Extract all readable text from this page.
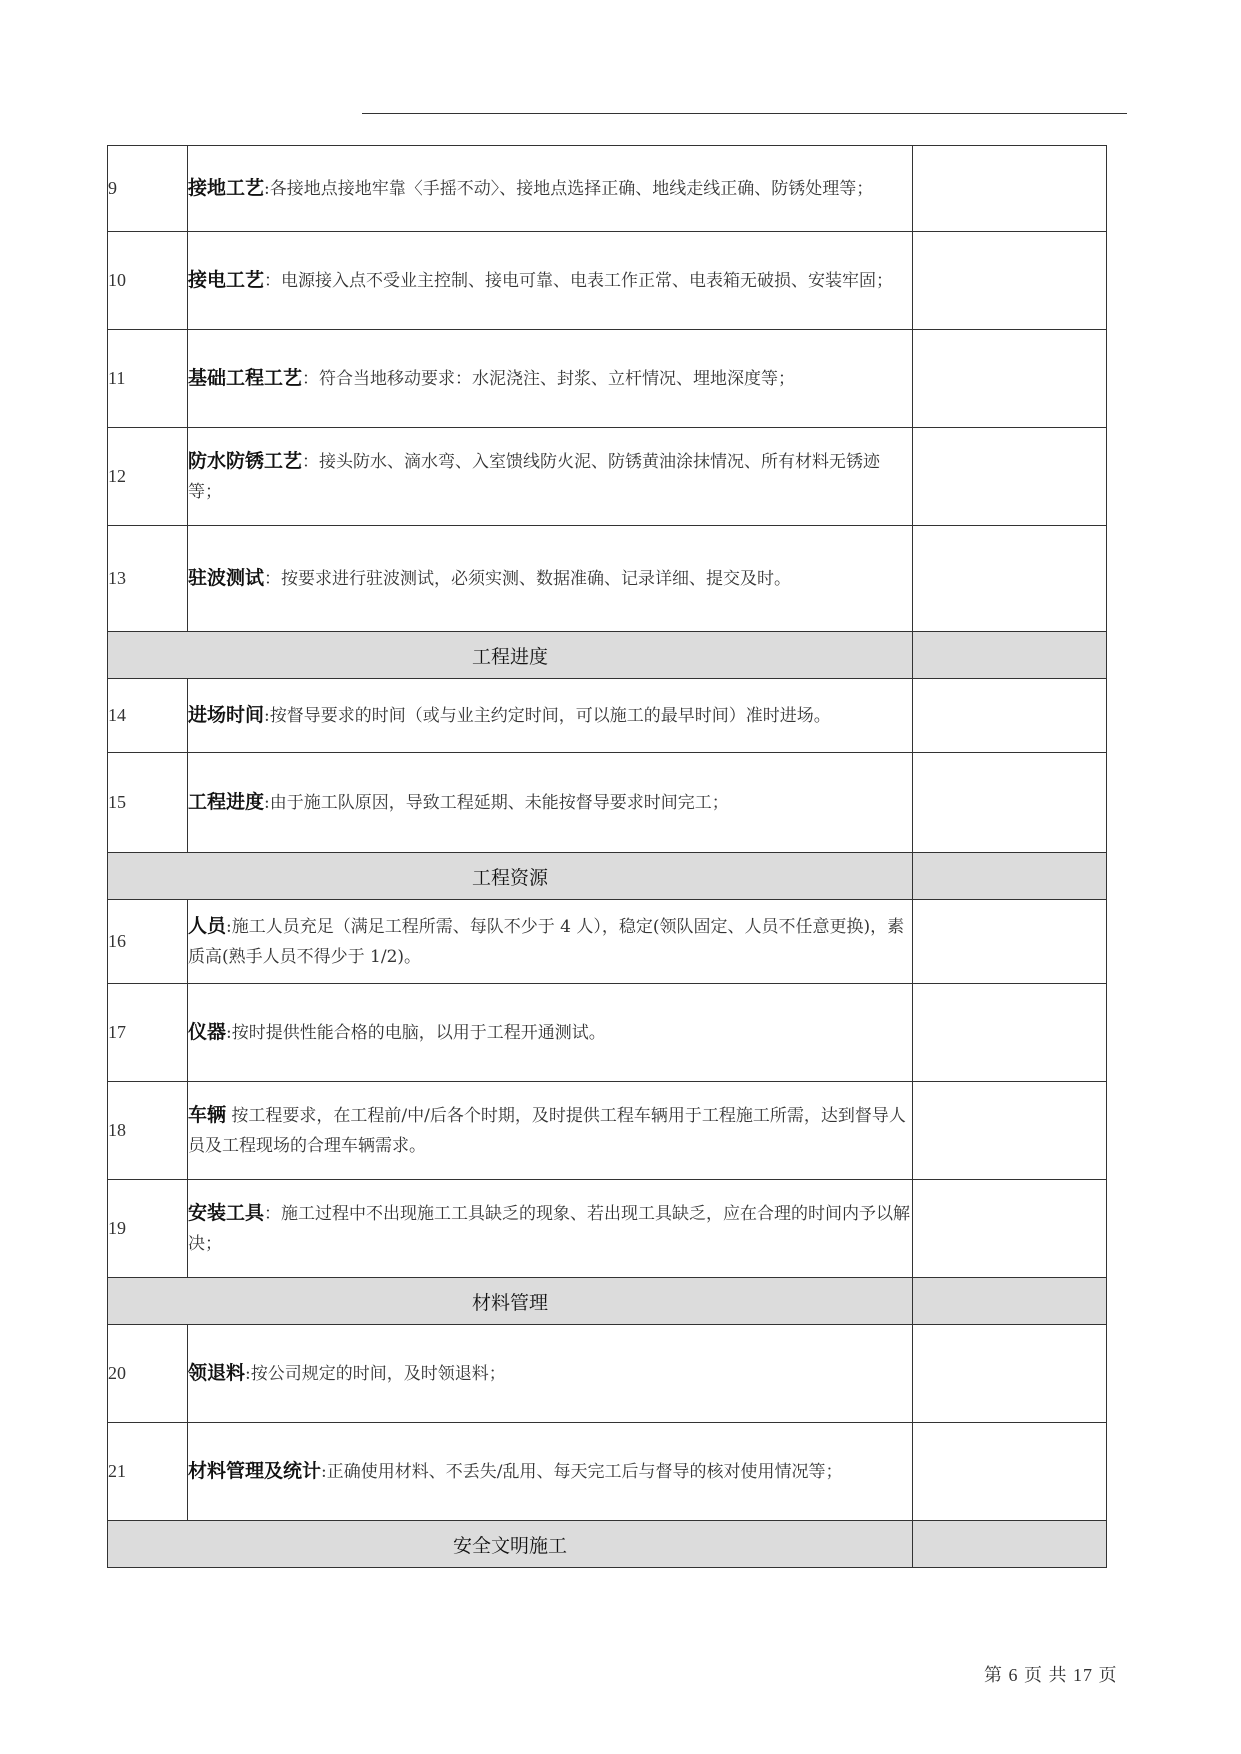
9	接地工艺:各接地点接地牢靠〈手摇不动〉、接地点选择正确、地线走线正确、防锈处理等；	
10	接电工艺：电源接入点不受业主控制、接电可靠、电表工作正常、电表箱无破损、安装牢固；	
11	基础工程工艺：符合当地移动要求：水泥浇注、封浆、立杆情况、埋地深度等；	
12	防水防锈工艺：接头防水、滴水弯、入室馈线防火泥、防锈黄油涂抹情况、所有材料无锈迹等；	
13	驻波测试：按要求进行驻波测试，必须实测、数据准确、记录详细、提交及时。	
工程进度		
14	进场时间:按督导要求的时间（或与业主约定时间，可以施工的最早时间）准时进场。	
15	工程进度:由于施工队原因，导致工程延期、未能按督导要求时间完工；	
工程资源		
16	人员:施工人员充足（满足工程所需、每队不少于 4 人），稳定(领队固定、人员不任意更换)，素质高(熟手人员不得少于 1/2)。	
17	仪器:按时提供性能合格的电脑，以用于工程开通测试。	
18	车辆 按工程要求，在工程前/中/后各个时期，及时提供工程车辆用于工程施工所需，达到督导人员及工程现场的合理车辆需求。	
19	安装工具：施工过程中不出现施工工具缺乏的现象、若出现工具缺乏，应在合理的时间内予以解决；	
材料管理		
20	领退料:按公司规定的时间，及时领退料；	
21	材料管理及统计:正确使用材料、不丢失/乱用、每天完工后与督导的核对使用情况等；	
安全文明施工		
第 6 页 共 17 页
